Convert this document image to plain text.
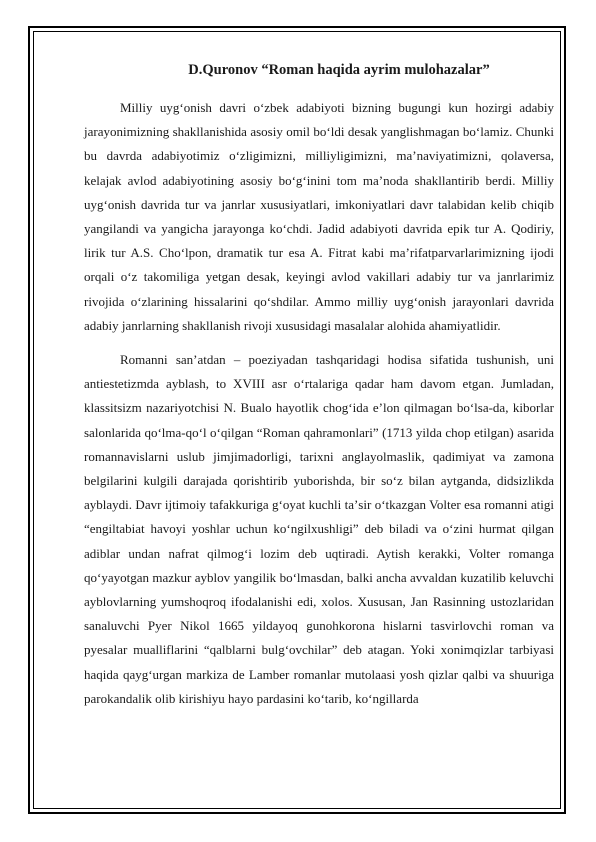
D.Quronov “Roman haqida ayrim mulohazalar”

Milliy uygʻonish davri oʻzbek adabiyoti bizning bugungi kun hozirgi adabiy jarayonimizning shakllanishida asosiy omil boʻldi desak yanglishmagan boʻlamiz. Chunki bu davrda adabiyotimiz oʻzligimizni, milliyligimizni, maʼnaviyatimizni, qolaversa, kelajak avlod adabiyotining asosiy boʻgʻinini tom maʼnoda shakllantirib berdi. Milliy uygʻonish davrida tur va janrlar xususiyatlari, imkoniyatlari davr talabidan kelib chiqib yangilandi va yangicha jarayonga koʻchdi. Jadid adabiyoti davrida epik tur A. Qodiriy, lirik tur A.S. Choʻlpon, dramatik tur esa A. Fitrat kabi maʼrifatparvarlarimizning ijodi orqali oʻz takomiliga yetgan desak, keyingi avlod vakillari adabiy tur va janrlarimiz rivojida oʻzlarining hissalarini qoʻshdilar. Ammo milliy uygʻonish jarayonlari davrida adabiy janrlarning shakllanish rivoji xususidagi masalalar alohida ahamiyatlidir.

Romanni sanʼatdan – poeziyadan tashqaridagi hodisa sifatida tushunish, uni antiestetizmda ayblash, to XVIII asr oʻrtalariga qadar ham davom etgan. Jumladan, klassitsizm nazariyotchisi N. Bualo hayotlik chogʻida eʼlon qilmagan boʻlsa-da, kiborlar salonlarida qoʻlma-qoʻl oʻqilgan “Roman qahramonlari” (1713 yilda chop etilgan) asarida romannavislarni uslub jimjimadorligi, tarixni anglayolmaslik, qadimiyat va zamona belgilarini kulgili darajada qorishtirib yuborishda, bir soʻz bilan aytganda, didsizlikda ayblaydi. Davr ijtimoiy tafakkuriga gʻoyat kuchli taʼsir oʻtkazgan Volter esa romanni atigi “engiltabiat havoyi yoshlar uchun koʻngilxushligi” deb biladi va oʻzini hurmat qilgan adiblar undan nafrat qilmogʻi lozim deb uqtiradi. Aytish kerakki, Volter romanga qoʻyayotgan mazkur ayblov yangilik boʻlmasdan, balki ancha avvaldan kuzatilib keluvchi ayblovlarning yumshoqroq ifodalanishi edi, xolos. Xususan, Jan Rasinning ustozlaridan sanaluvchi Pyer Nikol 1665 yildayoq gunohkorona hislarni tasvirlovchi roman va pyesalar mualliflarini “qalblarni bulgʻovchilar” deb atagan. Yoki xonimqizlar tarbiyasi haqida qaygʻurgan markiza de Lamber romanlar mutolaasi yosh qizlar qalbi va shuuriga parokandalik olib kirishiyu hayo pardasini koʻtarib, koʻngillarda
